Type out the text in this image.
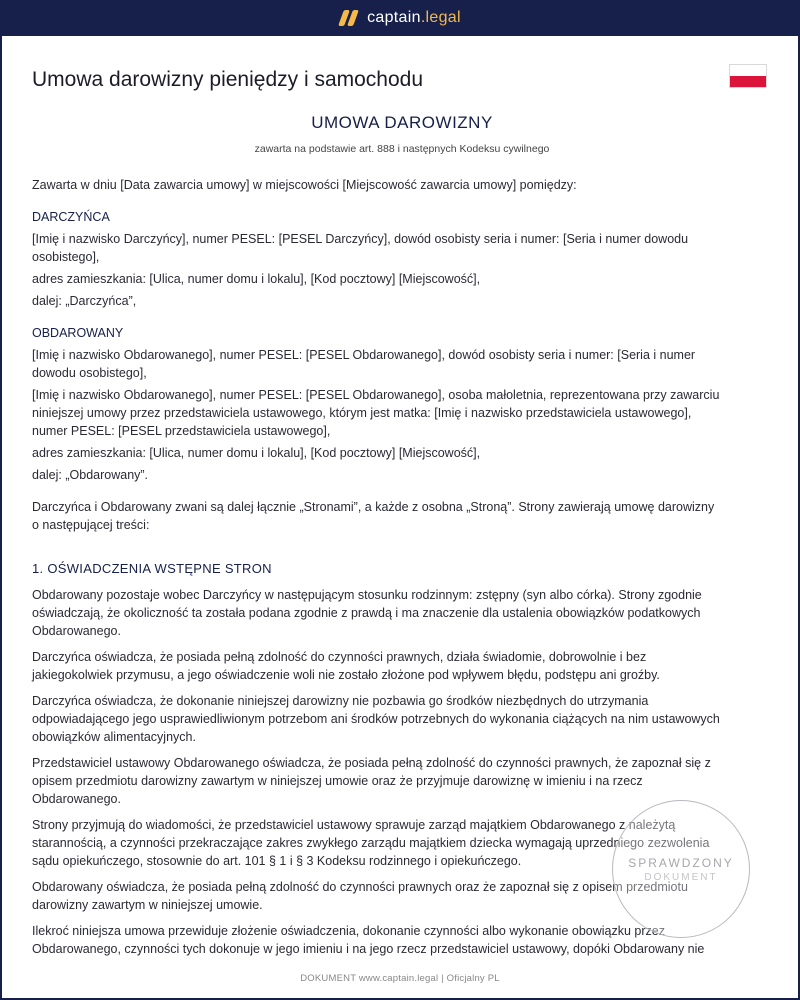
captain.legal
Umowa darowizny pieniędzy i samochodu

UMOWA DAROWIZNY

zawarta na podstawie art. 888 i następnych Kodeksu cywilnego

Zawarta w dniu [Data zawarcia umowy] w miejscowości [Miejscowość zawarcia umowy] pomiędzy:

DARCZYŃCA

[Imię i nazwisko Darczyńcy], numer PESEL: [PESEL Darczyńcy], dowód osobisty seria i numer: [Seria i numer dowodu
osobistego],

adres zamieszkania: [Ulica, numer domu i lokalu], [Kod pocztowy] [Miejscowość],

dalej: „Darczyńca”,

OBDAROWANY

[Imię i nazwisko Obdarowanego], numer PESEL: [PESEL Obdarowanego], dowód osobisty seria i numer: [Seria i numer
dowodu osobistego],

[Imię i nazwisko Obdarowanego], numer PESEL: [PESEL Obdarowanego], osoba małoletnia, reprezentowana przy zawarciu
niniejszej umowy przez przedstawiciela ustawowego, którym jest matka: [Imię i nazwisko przedstawiciela ustawowego],
numer PESEL: [PESEL przedstawiciela ustawowego],

adres zamieszkania: [Ulica, numer domu i lokalu], [Kod pocztowy] [Miejscowość],

dalej: „Obdarowany”.

Darczyńca i Obdarowany zwani są dalej łącznie „Stronami”, a każde z osobna „Stroną”. Strony zawierają umowę darowizny
o następującej treści:

1. OŚWIADCZENIA WSTĘPNE STRON

Obdarowany pozostaje wobec Darczyńcy w następującym stosunku rodzinnym: zstępny (syn albo córka). Strony zgodnie
oświadczają, że okoliczność ta została podana zgodnie z prawdą i ma znaczenie dla ustalenia obowiązków podatkowych
Obdarowanego.

Darczyńca oświadcza, że posiada pełną zdolność do czynności prawnych, działa świadomie, dobrowolnie i bez
jakiegokolwiek przymusu, a jego oświadczenie woli nie zostało złożone pod wpływem błędu, podstępu ani groźby.

Darczyńca oświadcza, że dokonanie niniejszej darowizny nie pozbawia go środków niezbędnych do utrzymania
odpowiadającego jego usprawiedliwionym potrzebom ani środków potrzebnych do wykonania ciążących na nim ustawowych
obowiązków alimentacyjnych.

Przedstawiciel ustawowy Obdarowanego oświadcza, że posiada pełną zdolność do czynności prawnych, że zapoznał się z
opisem przedmiotu darowizny zawartym w niniejszej umowie oraz że przyjmuje darowiznę w imieniu i na rzecz
Obdarowanego.

Strony przyjmują do wiadomości, że przedstawiciel ustawowy sprawuje zarząd majątkiem Obdarowanego z należytą
starannością, a czynności przekraczające zakres zwykłego zarządu majątkiem dziecka wymagają uprzedniego zezwolenia
sądu opiekuńczego, stosownie do art. 101 § 1 i § 3 Kodeksu rodzinnego i opiekuńczego.

Obdarowany oświadcza, że posiada pełną zdolność do czynności prawnych oraz że zapoznał się z opisem przedmiotu
darowizny zawartym w niniejszej umowie.

Ilekroć niniejsza umowa przewiduje złożenie oświadczenia, dokonanie czynności albo wykonanie obowiązku przez
Obdarowanego, czynności tych dokonuje w jego imieniu i na jego rzecz przedstawiciel ustawowy, dopóki Obdarowany nie

SPRAWDZONY
DOKUMENT
DOKUMENT www.captain.legal | Oficjalny PL
